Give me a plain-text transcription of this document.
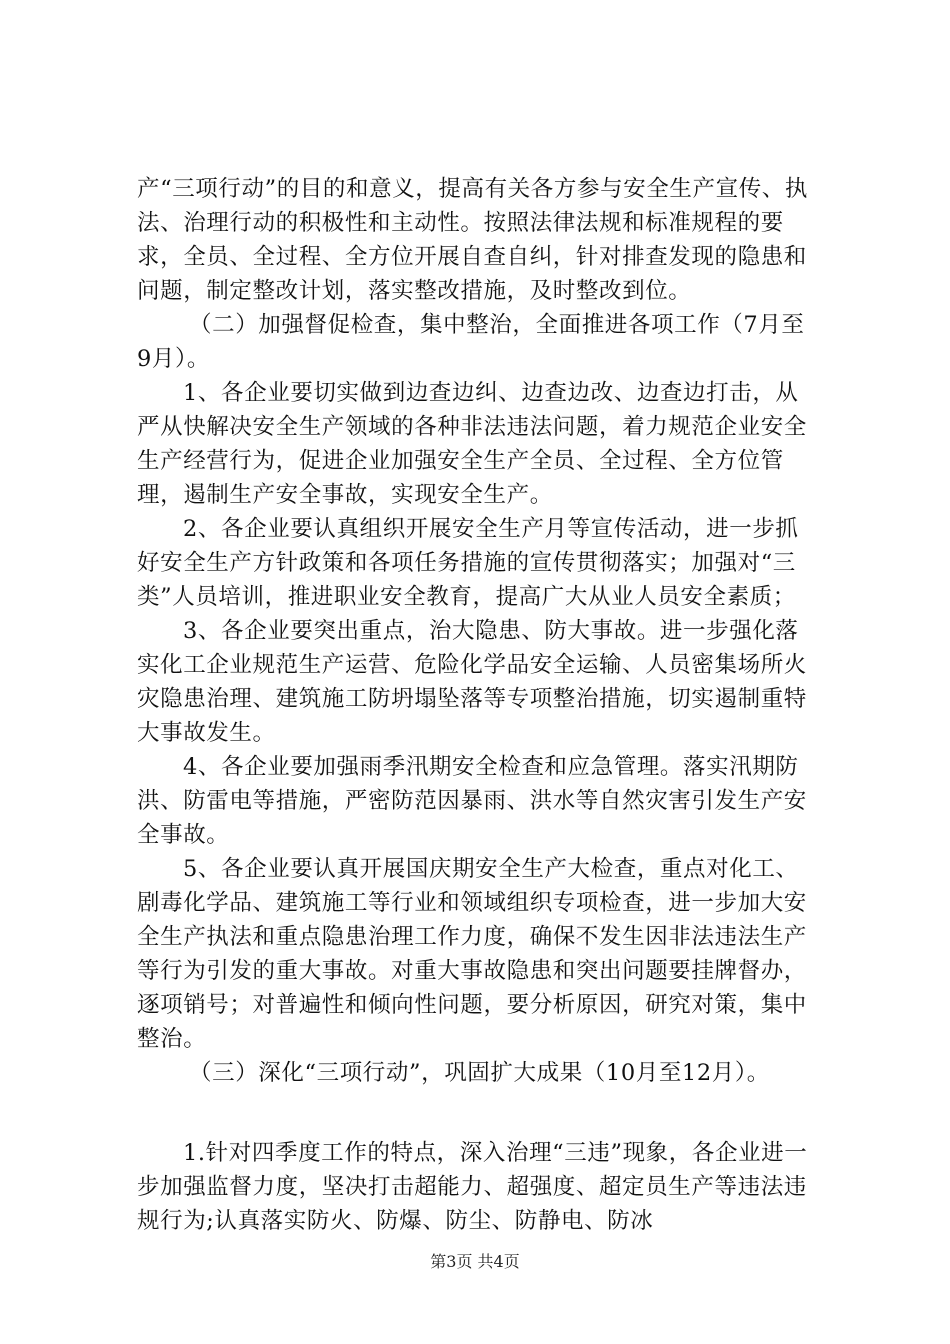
产“三项行动”的目的和意义，提高有关各方参与安全生产宣传、执法、治理行动的积极性和主动性。按照法律法规和标准规程的要求，全员、全过程、全方位开展自查自纠，针对排查发现的隐患和问题，制定整改计划，落实整改措施，及时整改到位。

（二）加强督促检查，集中整治，全面推进各项工作（7月至9月）。

1、各企业要切实做到边查边纠、边查边改、边查边打击，从严从快解决安全生产领域的各种非法违法问题，着力规范企业安全生产经营行为，促进企业加强安全生产全员、全过程、全方位管理，遏制生产安全事故，实现安全生产。

2、各企业要认真组织开展安全生产月等宣传活动，进一步抓好安全生产方针政策和各项任务措施的宣传贯彻落实；加强对“三类”人员培训，推进职业安全教育，提高广大从业人员安全素质；

3、各企业要突出重点，治大隐患、防大事故。进一步强化落实化工企业规范生产运营、危险化学品安全运输、人员密集场所火灾隐患治理、建筑施工防坍塌坠落等专项整治措施，切实遏制重特大事故发生。

4、各企业要加强雨季汛期安全检查和应急管理。落实汛期防洪、防雷电等措施，严密防范因暴雨、洪水等自然灾害引发生产安全事故。

5、各企业要认真开展国庆期安全生产大检查，重点对化工、剧毒化学品、建筑施工等行业和领域组织专项检查，进一步加大安全生产执法和重点隐患治理工作力度，确保不发生因非法违法生产等行为引发的重大事故。对重大事故隐患和突出问题要挂牌督办，逐项销号；对普遍性和倾向性问题，要分析原因，研究对策，集中整治。

（三）深化“三项行动”，巩固扩大成果（10月至12月）。

1.针对四季度工作的特点，深入治理“三违”现象，各企业进一步加强监督力度，坚决打击超能力、超强度、超定员生产等违法违规行为;认真落实防火、防爆、防尘、防静电、防冰

第3页 共4页
